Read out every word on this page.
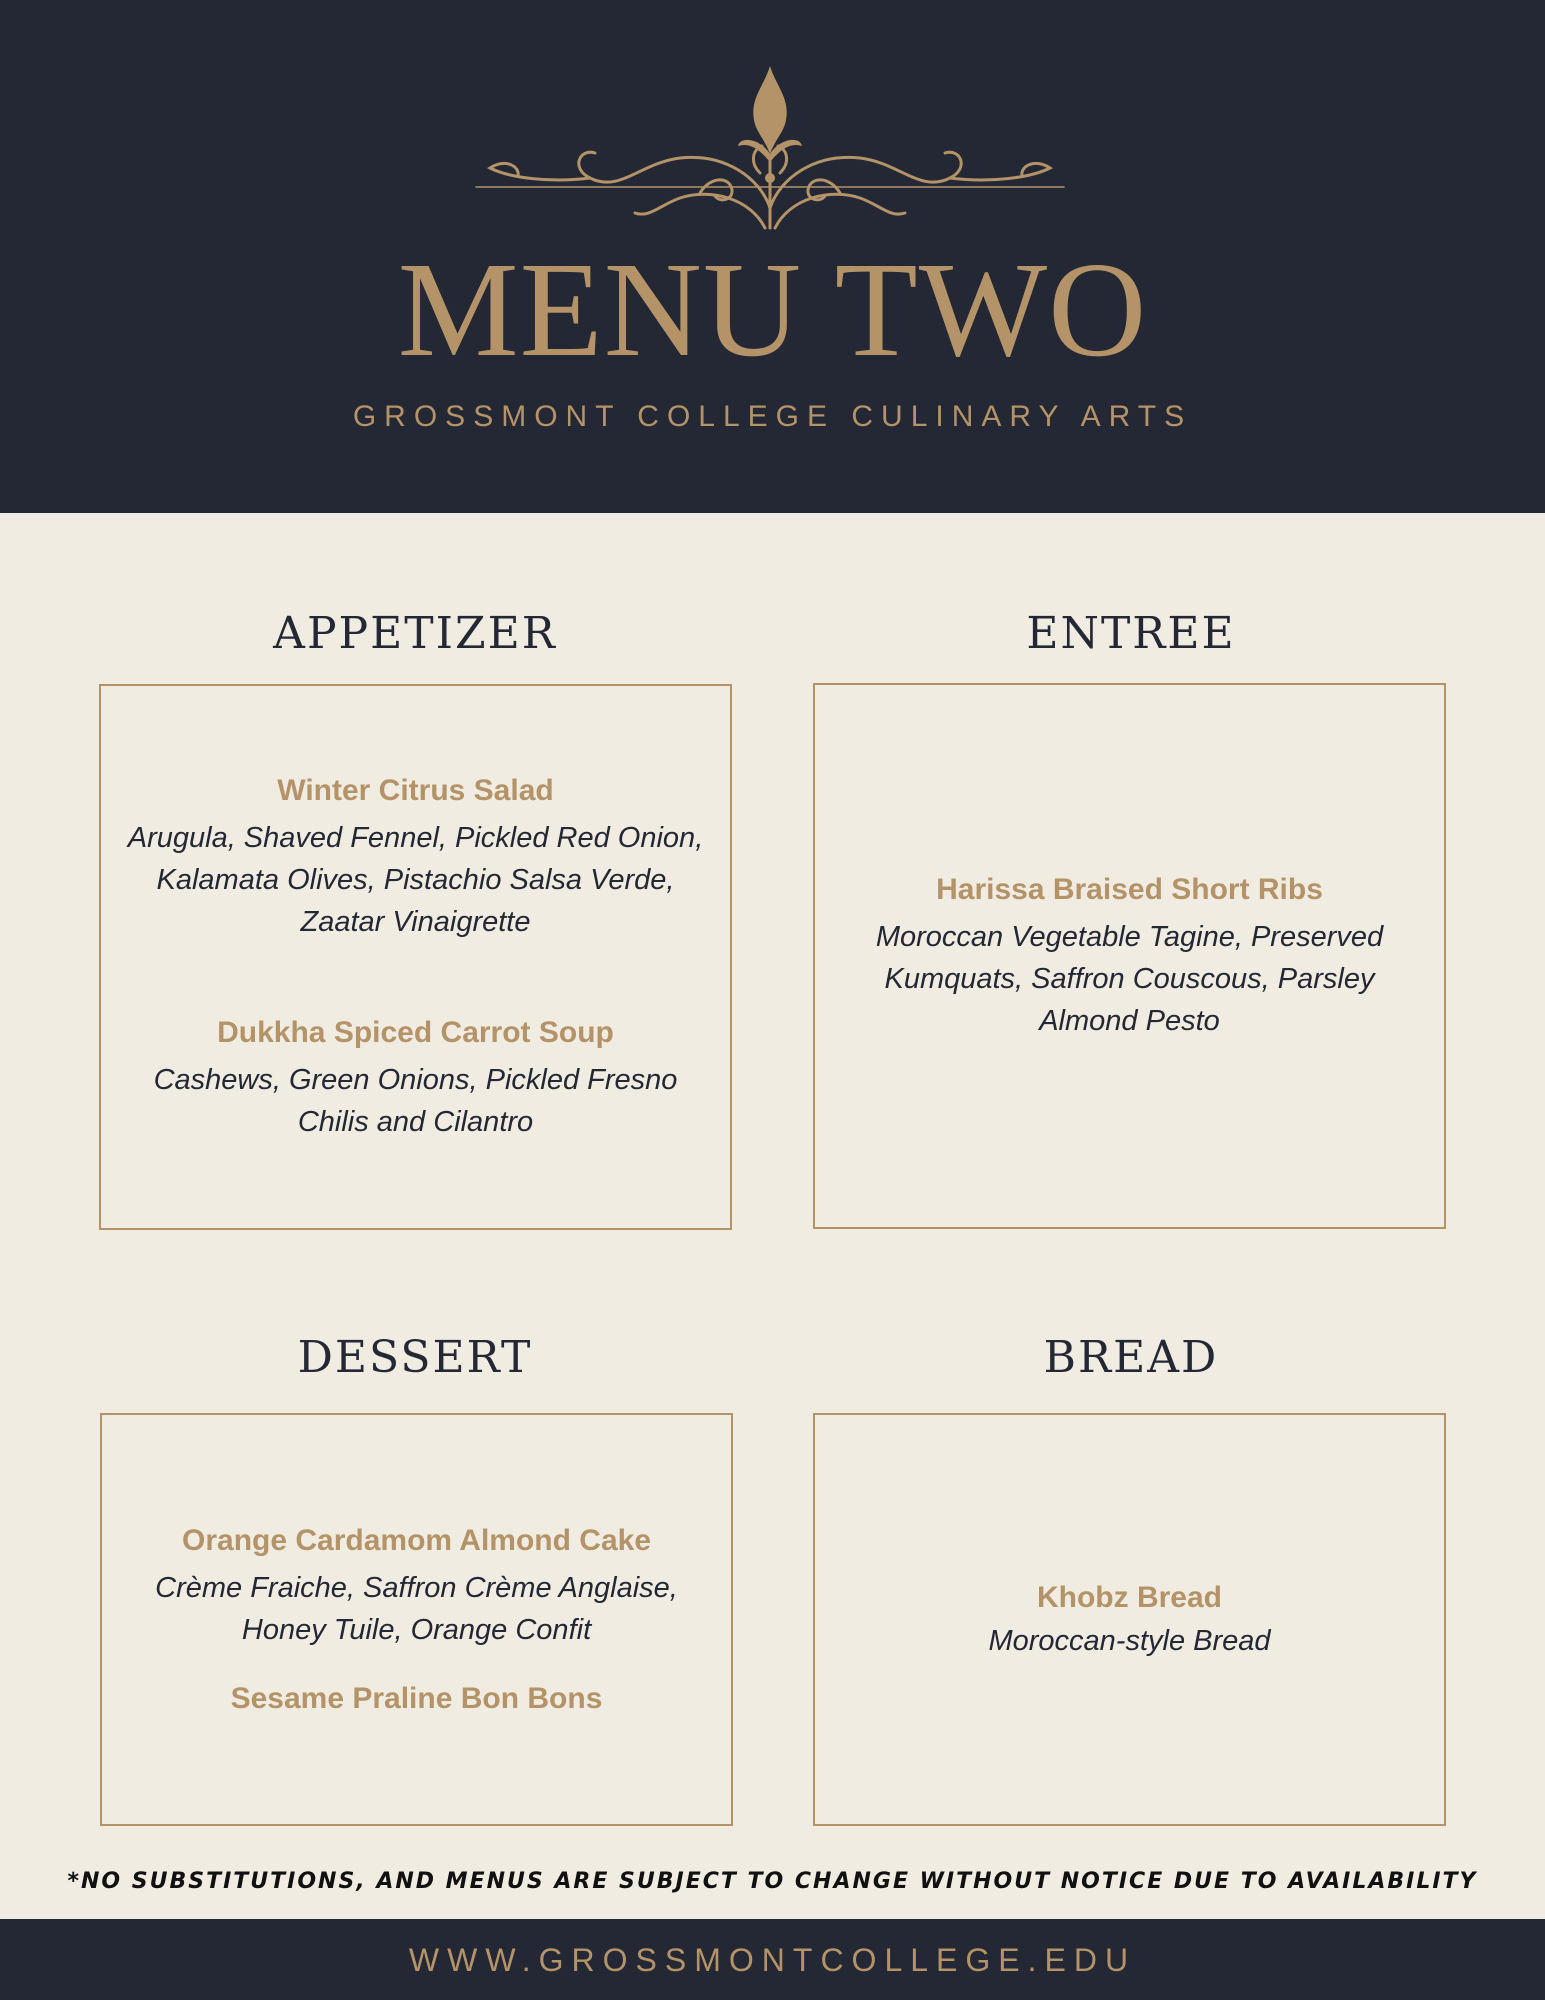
MENU TWO
GROSSMONT COLLEGE CULINARY ARTS
APPETIZER
Winter Citrus Salad
Arugula, Shaved Fennel, Pickled Red Onion,
Kalamata Olives, Pistachio Salsa Verde,
Zaatar Vinaigrette
Dukkha Spiced Carrot Soup
Cashews, Green Onions, Pickled Fresno
Chilis and Cilantro
ENTREE
Harissa Braised Short Ribs
Moroccan Vegetable Tagine, Preserved
Kumquats, Saffron Couscous, Parsley
Almond Pesto
DESSERT
Orange Cardamom Almond Cake
Crème Fraiche, Saffron Crème Anglaise,
Honey Tuile, Orange Confit
Sesame Praline Bon Bons
BREAD
Khobz Bread
Moroccan-style Bread
*NO SUBSTITUTIONS, AND MENUS ARE SUBJECT TO CHANGE WITHOUT NOTICE DUE TO AVAILABILITY
WWW.GROSSMONTCOLLEGE.EDU
